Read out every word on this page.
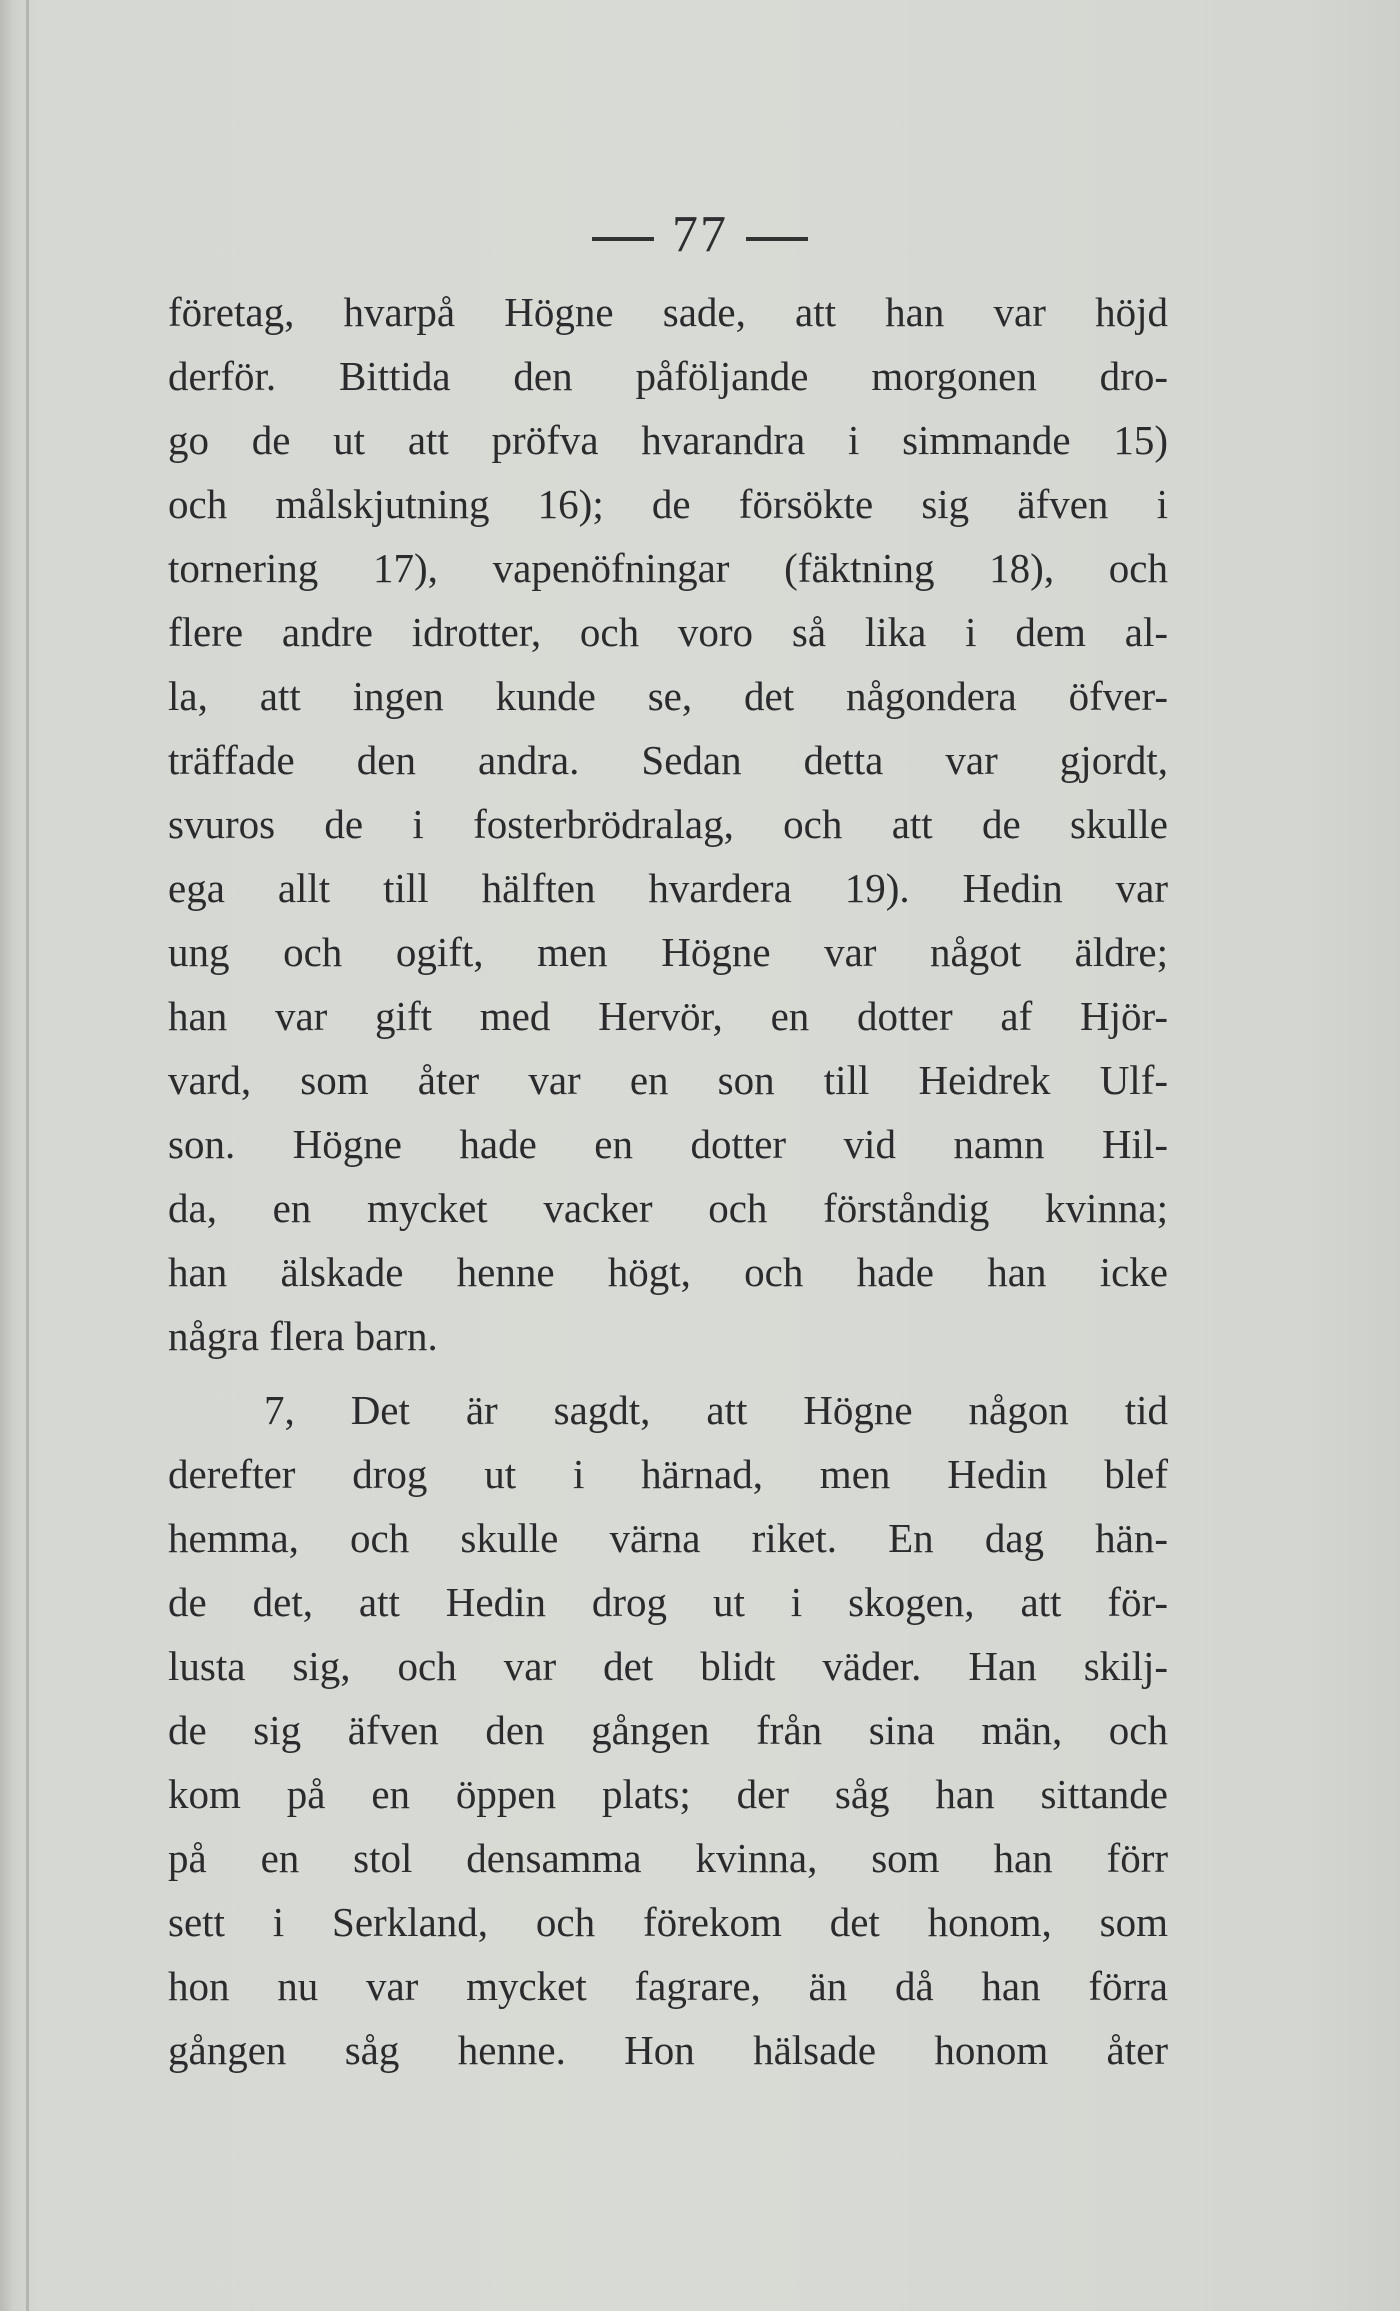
77
företag, hvarpå Högne sade, att han var höjd
derför. Bittida den påföljande morgonen dro-
go de ut att pröfva hvarandra i simmande 15)
och målskjutning 16); de försökte sig äfven i
tornering 17), vapenöfningar (fäktning 18), och
flere andre idrotter, och voro så lika i dem al-
la, att ingen kunde se, det någondera öfver-
träffade den andra. Sedan detta var gjordt,
svuros de i fosterbrödralag, och att de skulle
ega allt till hälften hvardera 19). Hedin var
ung och ogift, men Högne var något äldre;
han var gift med Hervör, en dotter af Hjör-
vard, som åter var en son till Heidrek Ulf-
son. Högne hade en dotter vid namn Hil-
da, en mycket vacker och förståndig kvinna;
han älskade henne högt, och hade han icke
några flera barn.
7, Det är sagdt, att Högne någon tid
derefter drog ut i härnad, men Hedin blef
hemma, och skulle värna riket. En dag hän-
de det, att Hedin drog ut i skogen, att för-
lusta sig, och var det blidt väder. Han skilj-
de sig äfven den gången från sina män, och
kom på en öppen plats; der såg han sittande
på en stol densamma kvinna, som han förr
sett i Serkland, och förekom det honom, som
hon nu var mycket fagrare, än då han förra
gången såg henne. Hon hälsade honom åter
